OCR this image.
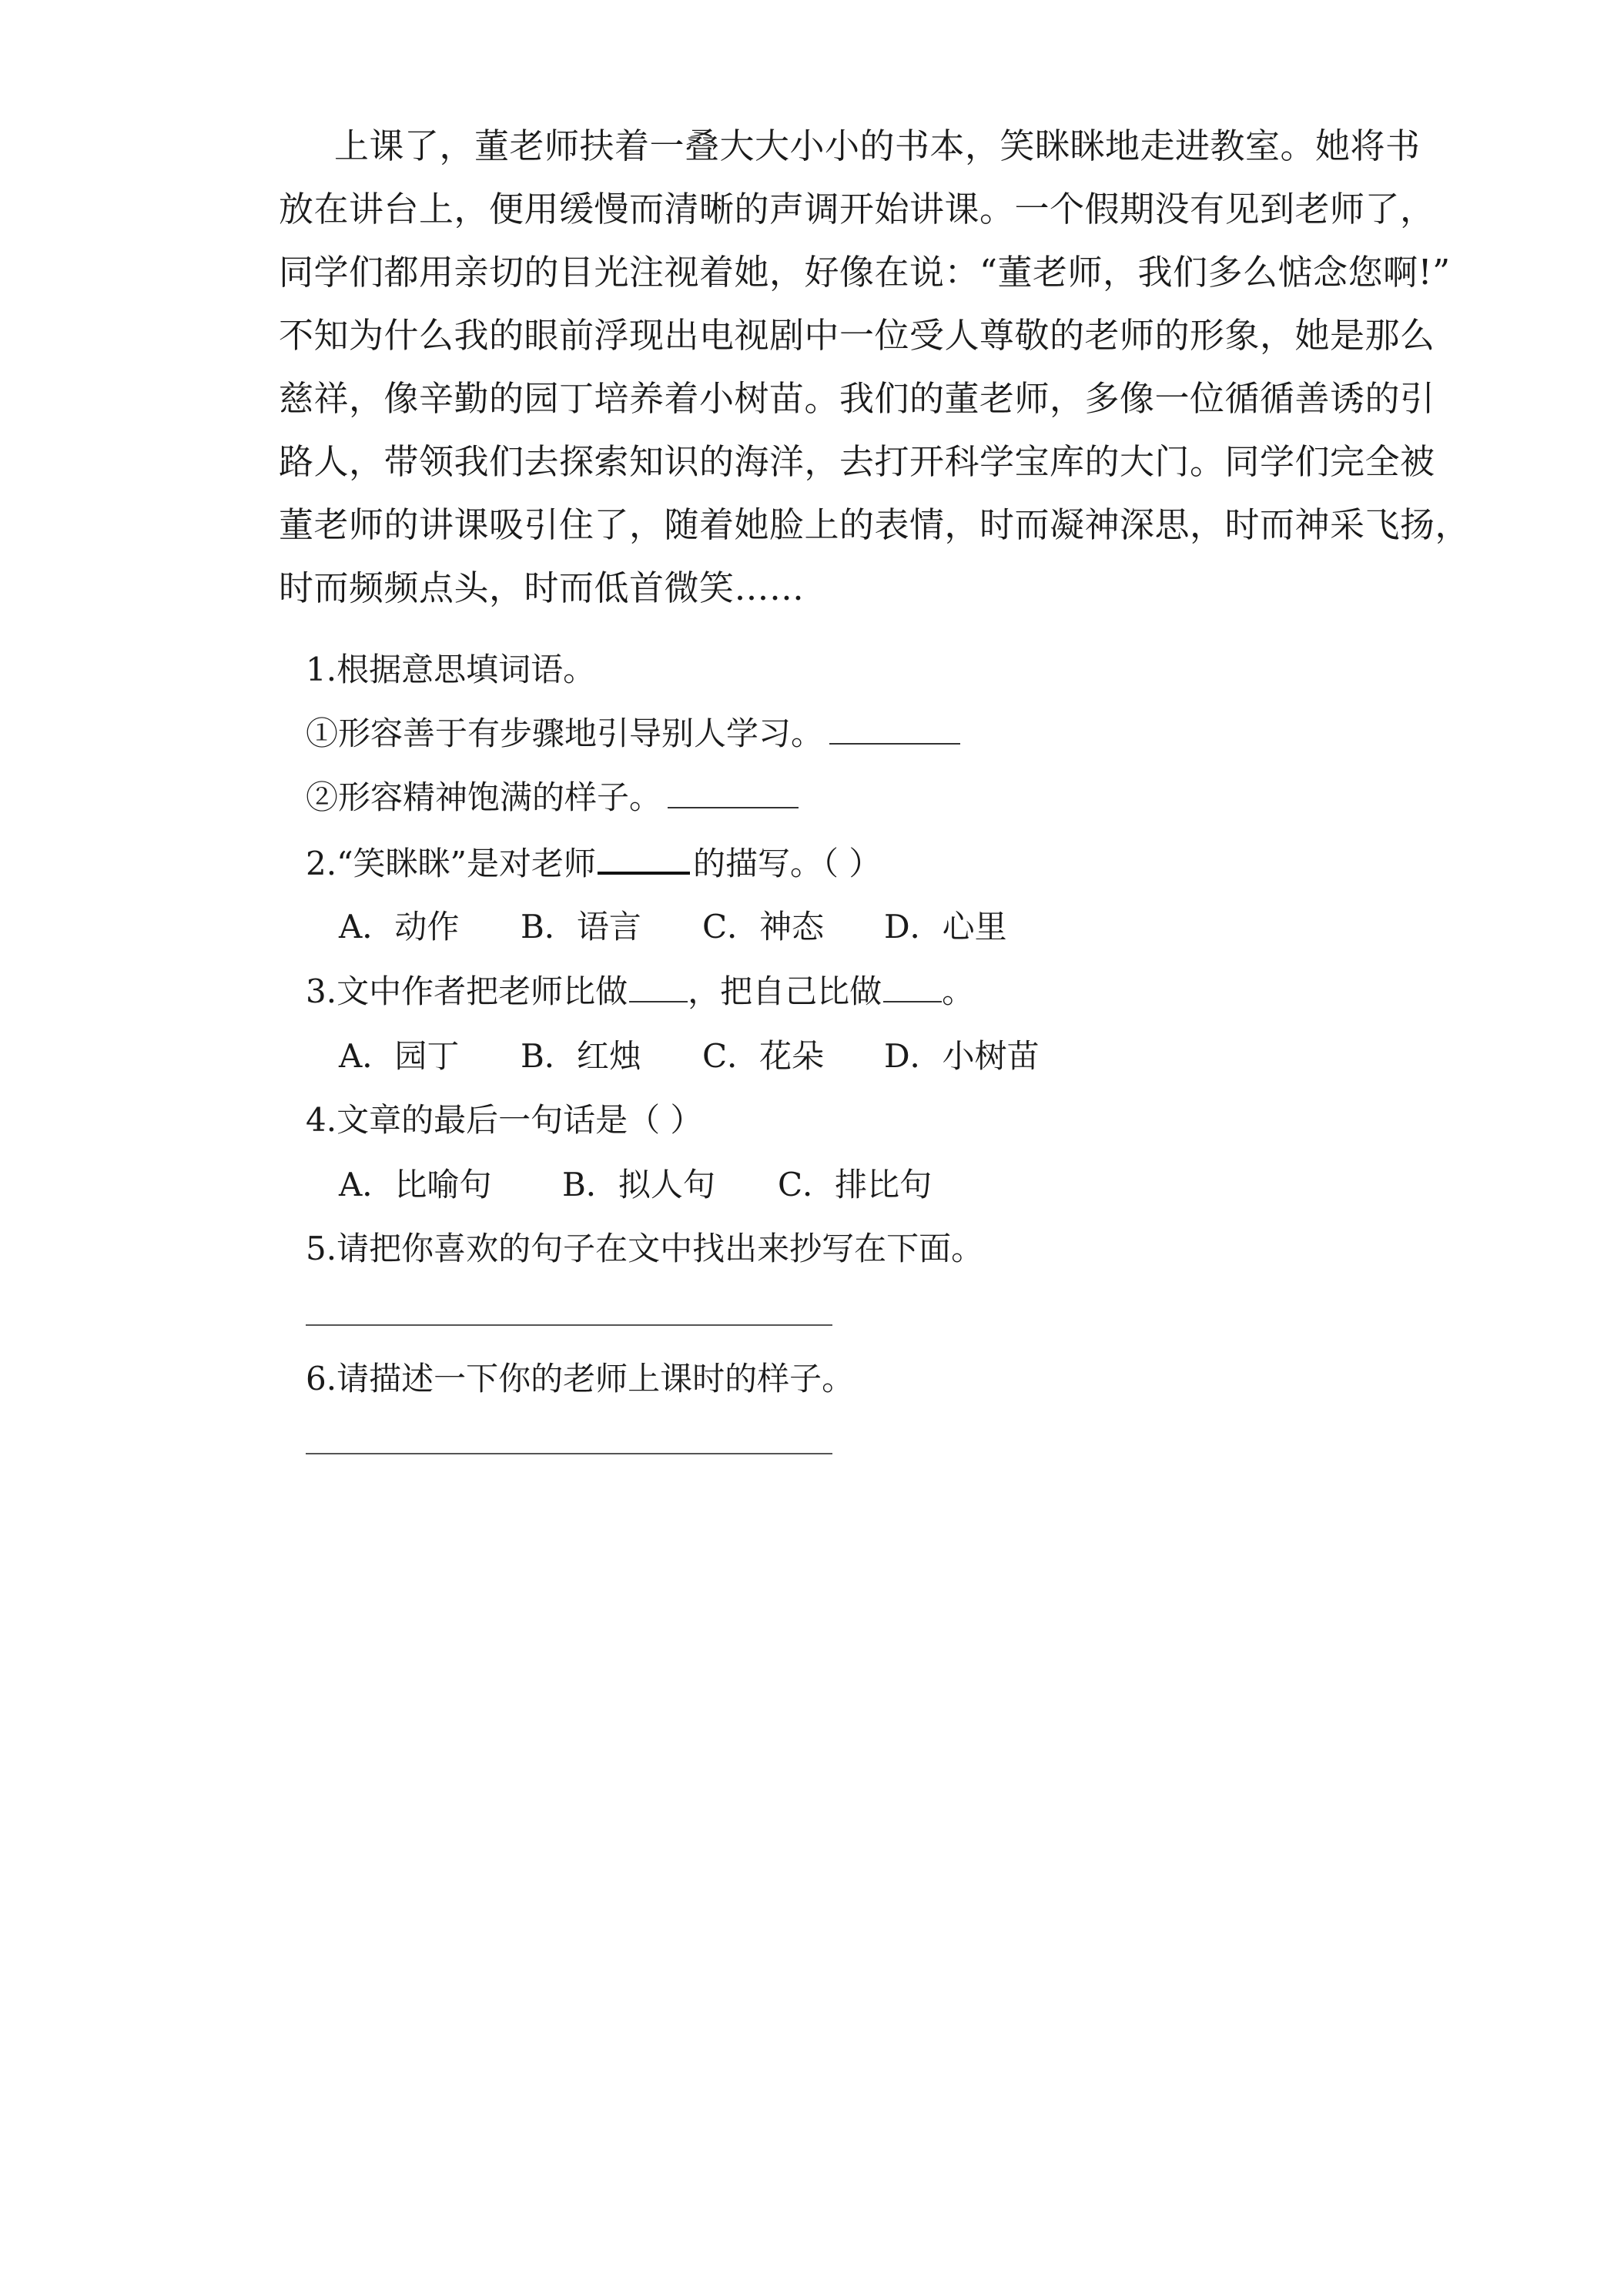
上课了，董老师扶着一叠大大小小的书本，笑眯眯地走进教室。她将书
放在讲台上，便用缓慢而清晰的声调开始讲课。一个假期没有见到老师了，
同学们都用亲切的目光注视着她，好像在说：“董老师，我们多么惦念您啊!”
不知为什么我的眼前浮现出电视剧中一位受人尊敬的老师的形象，她是那么
慈祥，像辛勤的园丁培养着小树苗。我们的董老师，多像一位循循善诱的引
路人，带领我们去探索知识的海洋，去打开科学宝库的大门。同学们完全被
董老师的讲课吸引住了，随着她脸上的表情，时而凝神深思，时而神采飞扬，
时而频频点头，时而低首微笑……
1.根据意思填词语。
①形容善于有步骤地引导别人学习。
②形容精神饱满的样子。
2.“笑眯眯”是对老师	的描写。（ ）
A．动作 B．语言 C．神态 D．心里
3.文中作者把老师比做 ，把自己比做 。
A．园丁 B．红烛 C．花朵 D．小树苗
4.文章的最后一句话是（ ）
A．比喻句 B．拟人句 C．排比句
5.请把你喜欢的句子在文中找出来抄写在下面。
6.请描述一下你的老师上课时的样子。
